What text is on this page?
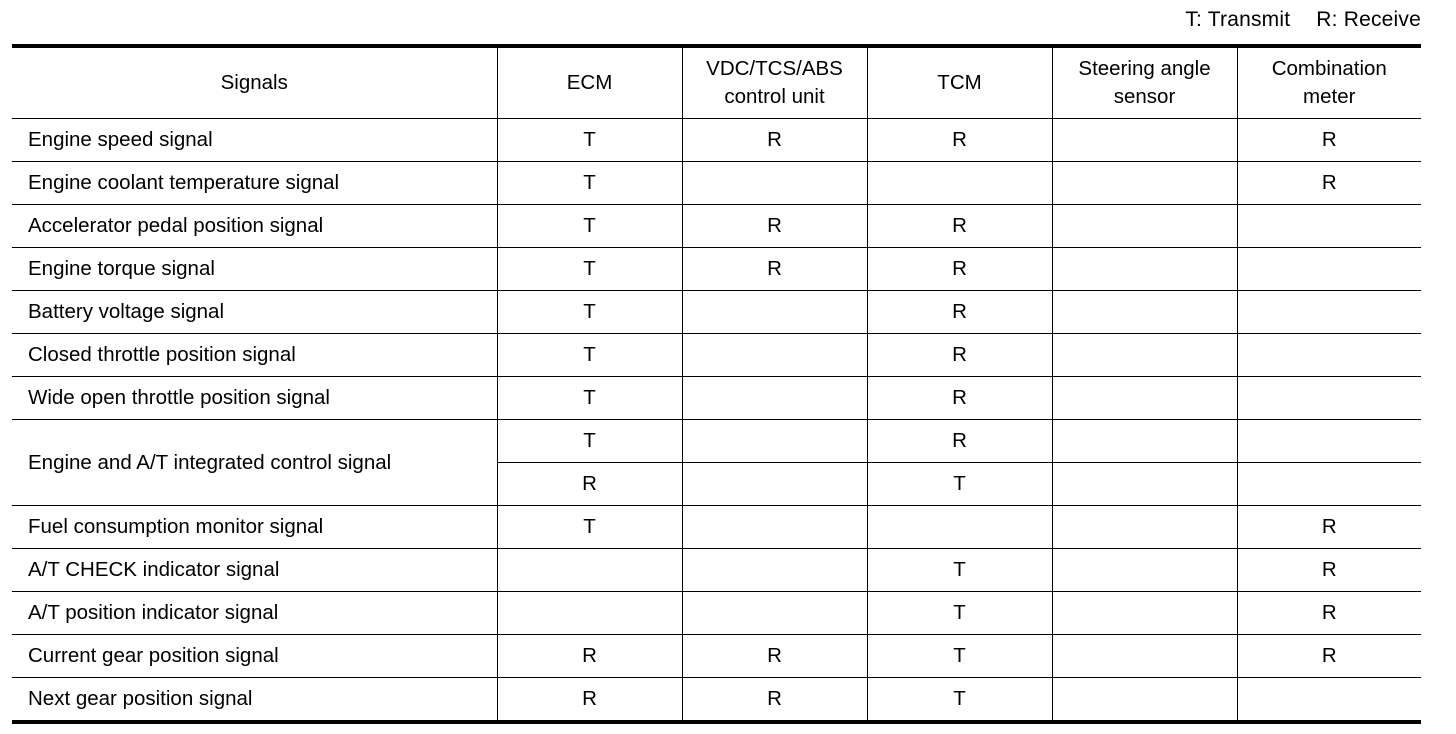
T: Transmit R: Receive
Signals	ECM	VDC/TCS/ABS control unit	TCM	Steering angle sensor	Combination meter

Engine speed signal	T	R	R		R
Engine coolant temperature signal	T				R
Accelerator pedal position signal	T	R	R		
Engine torque signal	T	R	R		
Battery voltage signal	T		R		
Closed throttle position signal	T		R		
Wide open throttle position signal	T		R		
Engine and A/T integrated control signal	T		R		
	R		T		
Fuel consumption monitor signal	T				R
A/T CHECK indicator signal			T		R
A/T position indicator signal			T		R
Current gear position signal	R	R	T		R
Next gear position signal	R	R	T		
